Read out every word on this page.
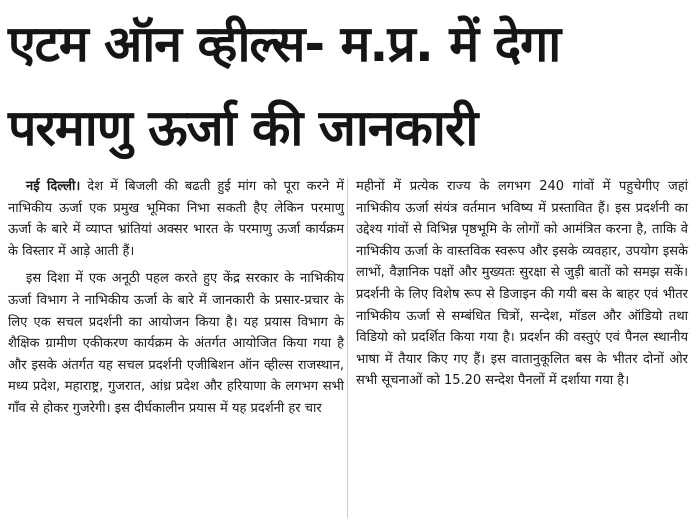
एटम ऑन व्हील्स- म.प्र. में देगा
परमाणु ऊर्जा की जानकारी

नई दिल्ली। देश में बिजली की बढती हुई मांग को पूरा करने में नाभिकीय ऊर्जा एक प्रमुख भूमिका निभा सकती हैए लेकिन परमाणु ऊर्जा के बारे में व्याप्त भ्रांतियां अक्सर भारत के परमाणु ऊर्जा कार्यक्रम के विस्तार में आड़े आती हैं।

इस दिशा में एक अनूठी पहल करते हुए केंद्र सरकार के नाभिकीय ऊर्जा विभाग ने नाभिकीय ऊर्जा के बारे में जानकारी के प्रसार-प्रचार के लिए एक सचल प्रदर्शनी का आयोजन किया है। यह प्रयास विभाग के शैक्षिक ग्रामीण एकीकरण कार्यक्रम के अंतर्गत आयोजित किया गया है और इसके अंतर्गत यह सचल प्रदर्शनी एजीबिशन ऑन व्हील्स राजस्थान, मध्य प्रदेश, महाराष्ट्र, गुजरात, आंध्र प्रदेश और हरियाणा के लगभग सभी गाँव से होकर गुजरेगी। इस दीर्घकालीन प्रयास में यह प्रदर्शनी हर चार

महीनों में प्रत्येक राज्य के लगभग 240 गांवों में पहुचेगीए जहां नाभिकीय ऊर्जा संयंत्र वर्तमान भविष्य में प्रस्तावित हैं। इस प्रदर्शनी का उद्देश्य गांवों से विभिन्न पृष्ठभूमि के लोगों को आमंत्रित करना है, ताकि वे नाभिकीय ऊर्जा के वास्तविक स्वरूप और इसके व्यवहार, उपयोग इसके लाभों, वैज्ञानिक पक्षों और मुख्यतः सुरक्षा से जुड़ी बातों को समझ सकें। प्रदर्शनी के लिए विशेष रूप से डिजाइन की गयी बस के बाहर एवं भीतर नाभिकीय ऊर्जा से सम्बंधित चित्रों, सन्देश, मॉडल और ऑडियो तथा विडियो को प्रदर्शित किया गया है। प्रदर्शन की वस्तुएं एवं पैनल स्थानीय भाषा में तैयार किए गए हैं। इस वातानुकूलित बस के भीतर दोनों ओर सभी सूचनाओं को 15.20 सन्देश पैनलों में दर्शाया गया है।
